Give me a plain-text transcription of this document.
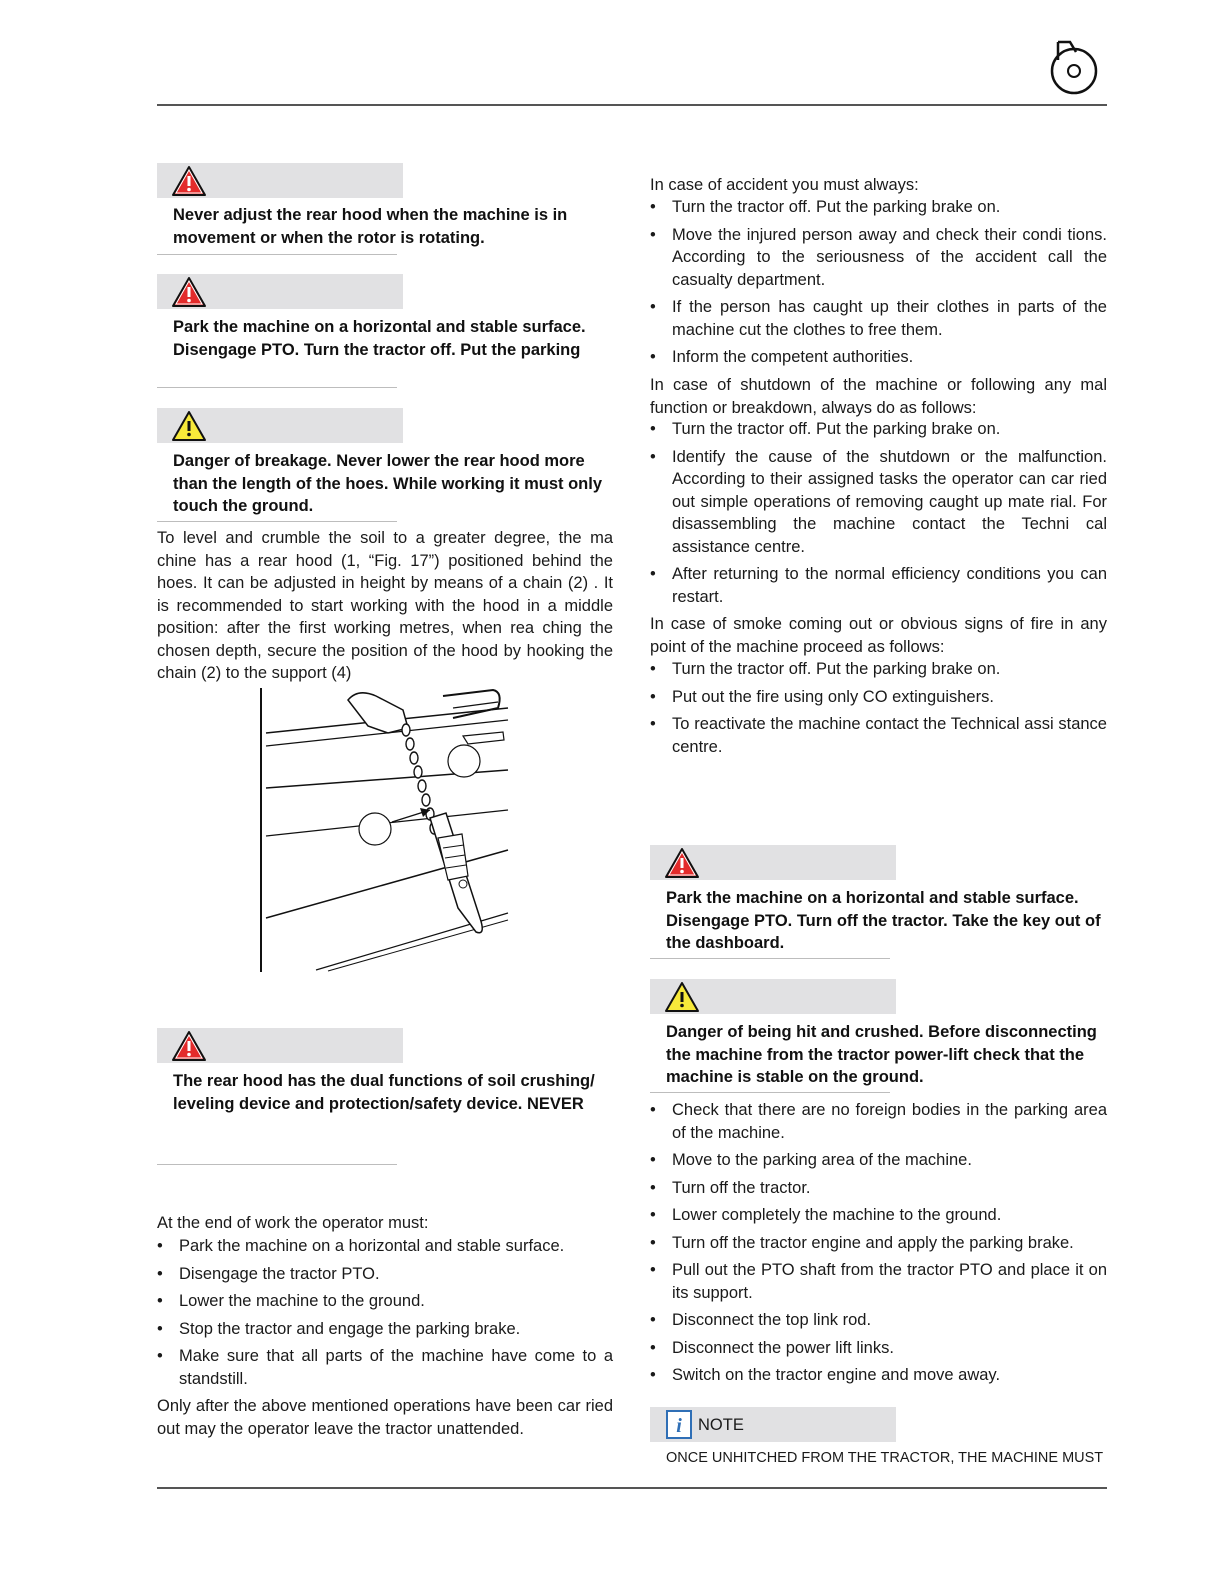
Never adjust the rear hood when the machine is in movement or when the rotor is rotating.
Park the machine on a horizontal and stable surface. Disengage PTO. Turn the tractor off. Put the parking
Danger of breakage. Never lower the rear hood more than the length of the hoes. While working it must only touch the ground.
To level and crumble the soil to a greater degree, the ma chine has a rear hood (1, “Fig. 17”) positioned behind the hoes. It can be adjusted in height by means of a chain (2) . It is recommended to start working with the hood in a middle position: after the first working metres, when rea ching the chosen depth, secure the position of the hood by hooking the chain (2) to the support (4)
The rear hood has the dual functions of soil crushing/ leveling device and protection/safety device. NEVER
At the end of work the operator must:
• Park the machine on a horizontal and stable surface.
• Disengage the tractor PTO.
• Lower the machine to the ground.
• Stop the tractor and engage the parking brake.
• Make sure that all parts of the machine have come to a standstill.
Only after the above mentioned operations have been car ried out may the operator leave the tractor unattended.
In case of accident you must always:
• Turn the tractor off. Put the parking brake on.
• Move the injured person away and check their condi tions. According to the seriousness of the accident call the casualty department.
• If the person has caught up their clothes in parts of the machine cut the clothes to free them.
• Inform the competent authorities.
In case of shutdown of the machine or following any mal function or breakdown, always do as follows:
• Turn the tractor off. Put the parking brake on.
• Identify the cause of the shutdown or the malfunction. According to their assigned tasks the operator can car ried out simple operations of removing caught up mate rial. For disassembling the machine contact the Techni cal assistance centre.
• After returning to the normal efficiency conditions you can restart.
In case of smoke coming out or obvious signs of fire in any point of the machine proceed as follows:
• Turn the tractor off. Put the parking brake on.
• Put out the fire using only CO extinguishers.
• To reactivate the machine contact the Technical assi stance centre.
Park the machine on a horizontal and stable surface. Disengage PTO. Turn off the tractor. Take the key out of the dashboard.
Danger of being hit and crushed. Before disconnecting the machine from the tractor power-lift check that the machine is stable on the ground.
• Check that there are no foreign bodies in the parking area of the machine.
• Move to the parking area of the machine.
• Turn off the tractor.
• Lower completely the machine to the ground.
• Turn off the tractor engine and apply the parking brake.
• Pull out the PTO shaft from the tractor PTO and place it on its support.
• Disconnect the top link rod.
• Disconnect the power lift links.
• Switch on the tractor engine and move away.
i NOTE
ONCE UNHITCHED FROM THE TRACTOR, THE MACHINE MUST
